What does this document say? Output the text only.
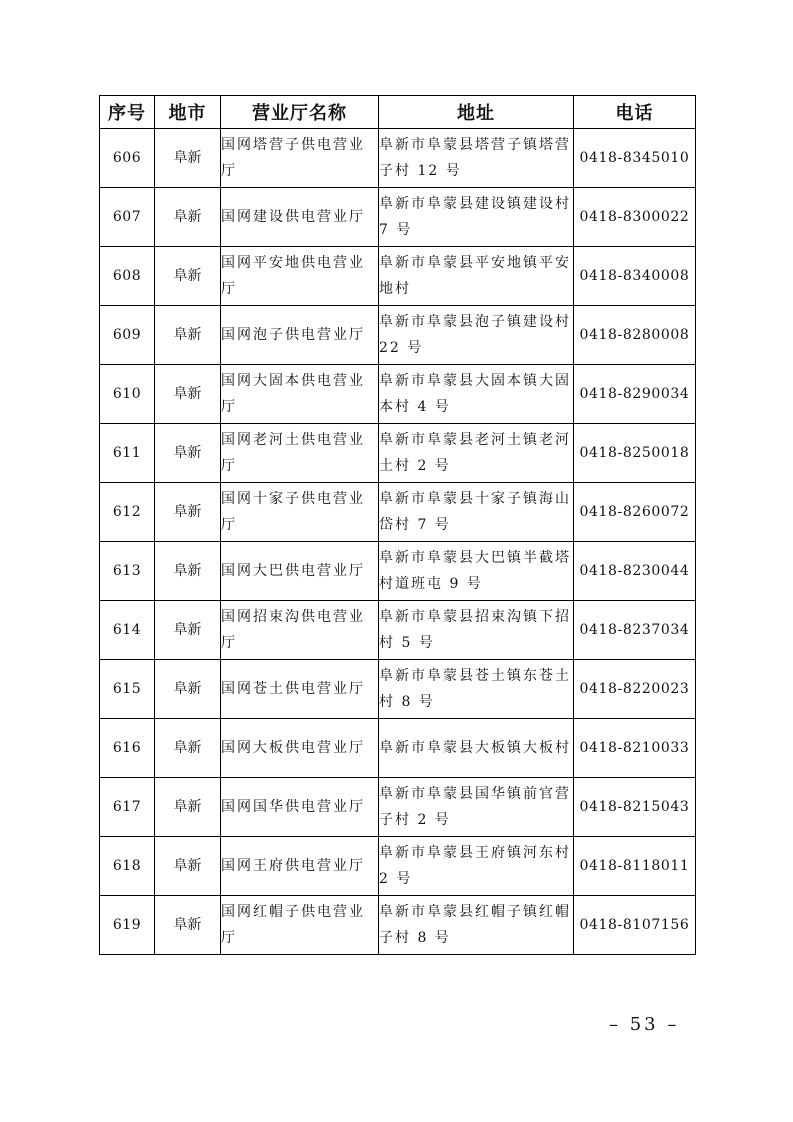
序号	地市	营业厅名称	地址	电话
606	阜新	国网塔营子供电营业厅	阜新市阜蒙县塔营子镇塔营子村 12 号	0418-8345010
607	阜新	国网建设供电营业厅	阜新市阜蒙县建设镇建设村 7 号	0418-8300022
608	阜新	国网平安地供电营业厅	阜新市阜蒙县平安地镇平安地村	0418-8340008
609	阜新	国网泡子供电营业厅	阜新市阜蒙县泡子镇建设村 22 号	0418-8280008
610	阜新	国网大固本供电营业厅	阜新市阜蒙县大固本镇大固本村 4 号	0418-8290034
611	阜新	国网老河土供电营业厅	阜新市阜蒙县老河土镇老河土村 2 号	0418-8250018
612	阜新	国网十家子供电营业厅	阜新市阜蒙县十家子镇海山岱村 7 号	0418-8260072
613	阜新	国网大巴供电营业厅	阜新市阜蒙县大巴镇半截塔村道班屯 9 号	0418-8230044
614	阜新	国网招束沟供电营业厅	阜新市阜蒙县招束沟镇下招村 5 号	0418-8237034
615	阜新	国网苍土供电营业厅	阜新市阜蒙县苍土镇东苍土村 8 号	0418-8220023
616	阜新	国网大板供电营业厅	阜新市阜蒙县大板镇大板村	0418-8210033
617	阜新	国网国华供电营业厅	阜新市阜蒙县国华镇前官营子村 2 号	0418-8215043
618	阜新	国网王府供电营业厅	阜新市阜蒙县王府镇河东村 2 号	0418-8118011
619	阜新	国网红帽子供电营业厅	阜新市阜蒙县红帽子镇红帽子村 8 号	0418-8107156
– 53 –
